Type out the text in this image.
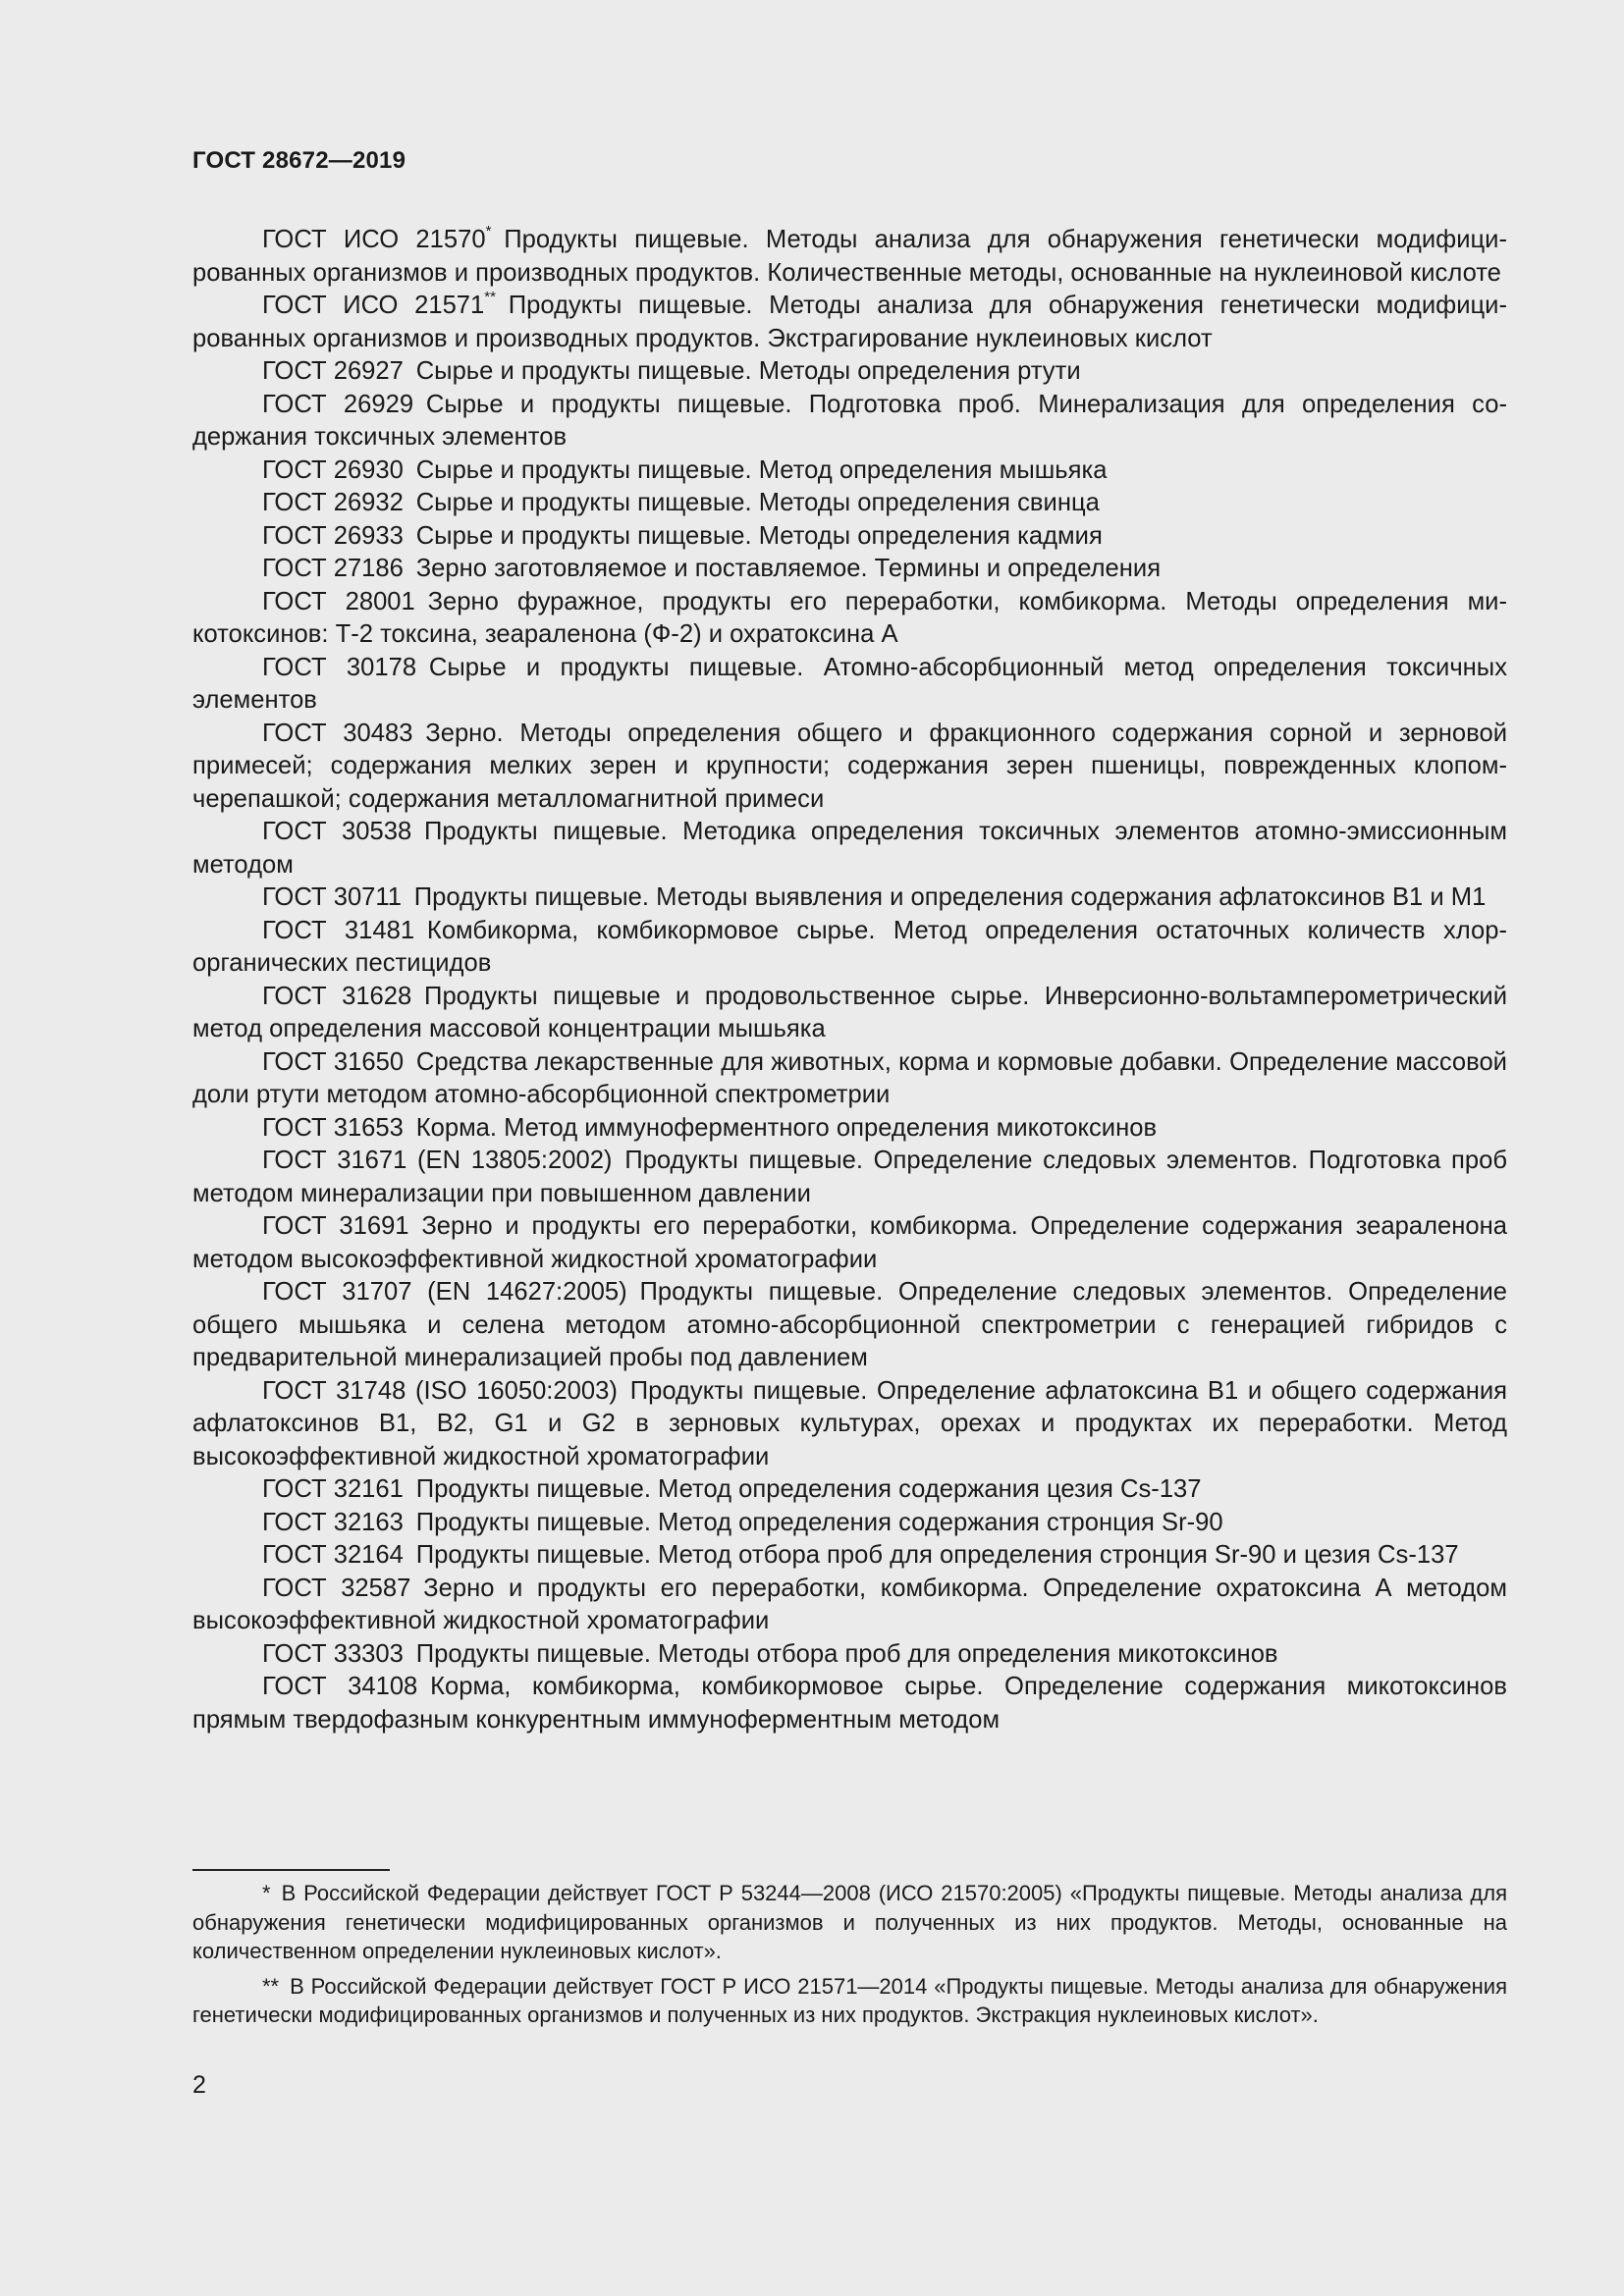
ГОСТ 28672—2019
ГОСТ ИСО 21570*  Продукты пищевые. Методы анализа для обнаружения генетически модифицированных организмов и производных продуктов. Количественные методы, основанные на нуклеиновой кислоте
ГОСТ ИСО 21571**  Продукты пищевые. Методы анализа для обнаружения генетически модифицированных организмов и производных продуктов. Экстрагирование нуклеиновых кислот
ГОСТ 26927  Сырье и продукты пищевые. Методы определения ртути
ГОСТ 26929  Сырье и продукты пищевые. Подготовка проб. Минерализация для определения содержания токсичных элементов
ГОСТ 26930  Сырье и продукты пищевые. Метод определения мышьяка
ГОСТ 26932  Сырье и продукты пищевые. Методы определения свинца
ГОСТ 26933  Сырье и продукты пищевые. Методы определения кадмия
ГОСТ 27186  Зерно заготовляемое и поставляемое. Термины и определения
ГОСТ 28001  Зерно фуражное, продукты его переработки, комбикорма. Методы определения микотоксинов: Т-2 токсина, зеараленона (Ф-2) и охратоксина А
ГОСТ 30178  Сырье и продукты пищевые. Атомно-абсорбционный метод определения токсичных элементов
ГОСТ 30483  Зерно. Методы определения общего и фракционного содержания сорной и зерновой примесей; содержания мелких зерен и крупности; содержания зерен пшеницы, поврежденных клопом-черепашкой; содержания металломагнитной примеси
ГОСТ 30538  Продукты пищевые. Методика определения токсичных элементов атомно-эмиссионным методом
ГОСТ 30711  Продукты пищевые. Методы выявления и определения содержания афлатоксинов B1 и M1
ГОСТ 31481  Комбикорма, комбикормовое сырье. Метод определения остаточных количеств хлорорганических пестицидов
ГОСТ 31628  Продукты пищевые и продовольственное сырье. Инверсионно-вольтамперометрический метод определения массовой концентрации мышьяка
ГОСТ 31650  Средства лекарственные для животных, корма и кормовые добавки. Определение массовой доли ртути методом атомно-абсорбционной спектрометрии
ГОСТ 31653  Корма. Метод иммуноферментного определения микотоксинов
ГОСТ 31671 (EN 13805:2002)  Продукты пищевые. Определение следовых элементов. Подготовка проб методом минерализации при повышенном давлении
ГОСТ 31691  Зерно и продукты его переработки, комбикорма. Определение содержания зеараленона методом высокоэффективной жидкостной хроматографии
ГОСТ 31707 (EN 14627:2005)  Продукты пищевые. Определение следовых элементов. Определение общего мышьяка и селена методом атомно-абсорбционной спектрометрии с генерацией гибридов с предварительной минерализацией пробы под давлением
ГОСТ 31748 (ISO 16050:2003)  Продукты пищевые. Определение афлатоксина B1 и общего содержания афлатоксинов B1, B2, G1 и G2 в зерновых культурах, орехах и продуктах их переработки. Метод высокоэффективной жидкостной хроматографии
ГОСТ 32161  Продукты пищевые. Метод определения содержания цезия Cs-137
ГОСТ 32163  Продукты пищевые. Метод определения содержания стронция Sr-90
ГОСТ 32164  Продукты пищевые. Метод отбора проб для определения стронция Sr-90 и цезия Cs-137
ГОСТ 32587  Зерно и продукты его переработки, комбикорма. Определение охратоксина А методом высокоэффективной жидкостной хроматографии
ГОСТ 33303  Продукты пищевые. Методы отбора проб для определения микотоксинов
ГОСТ 34108  Корма, комбикорма, комбикормовое сырье. Определение содержания микотоксинов прямым твердофазным конкурентным иммуноферментным методом
*  В Российской Федерации действует ГОСТ Р 53244—2008 (ИСО 21570:2005) «Продукты пищевые. Методы анализа для обнаружения генетически модифицированных организмов и полученных из них продуктов. Методы, основанные на количественном определении нуклеиновых кислот».
**  В Российской Федерации действует ГОСТ Р ИСО 21571—2014 «Продукты пищевые. Методы анализа для обнаружения генетически модифицированных организмов и полученных из них продуктов. Экстракция нуклеиновых кислот».
2
